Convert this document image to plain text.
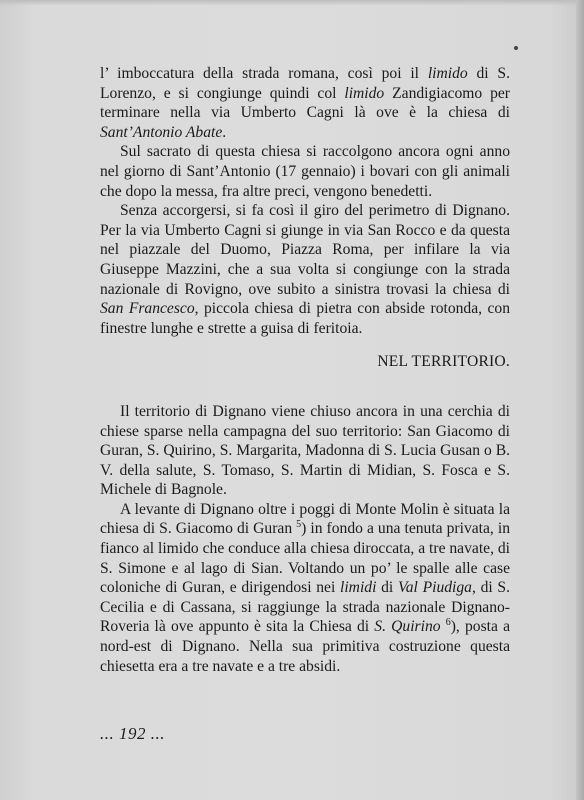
l’ imboccatura della strada romana, così poi il limido di S. Lorenzo, e si congiunge quindi col limido Zandigiacomo per terminare nella via Umberto Cagni là ove è la chiesa di Sant’Antonio Abate.

Sul sacrato di questa chiesa si raccolgono ancora ogni anno nel giorno di Sant’Antonio (17 gennaio) i bovari con gli animali che dopo la messa, fra altre preci, vengono benedetti.

Senza accorgersi, si fa così il giro del perimetro di Dignano. Per la via Umberto Cagni si giunge in via San Rocco e da questa nel piazzale del Duomo, Piazza Roma, per infilare la via Giuseppe Mazzini, che a sua volta si congiunge con la strada nazionale di Rovigno, ove subito a sinistra trovasi la chiesa di San Francesco, piccola chiesa di pietra con abside rotonda, con finestre lunghe e strette a guisa di feritoia.

NEL TERRITORIO.

Il territorio di Dignano viene chiuso ancora in una cerchia di chiese sparse nella campagna del suo territorio: San Giacomo di Guran, S. Quirino, S. Margarita, Madonna di S. Lucia Gusan o B. V. della salute, S. Tomaso, S. Martin di Midian, S. Fosca e S. Michele di Bagnole.

A levante di Dignano oltre i poggi di Monte Molin è situata la chiesa di S. Giacomo di Guran $^5$) in fondo a una tenuta privata, in fianco al limido che conduce alla chiesa diroccata, a tre navate, di S. Simone e al lago di Sian. Voltando un po’ le spalle alle case coloniche di Guran, e dirigendosi nei limidi di Val Piudiga, di S. Cecilia e di Cassana, si raggiunge la strada nazionale Dignano-Roveria là ove appunto è sita la Chiesa di S. Quirino $^6$), posta a nord-est di Dignano. Nella sua primitiva costruzione questa chiesetta era a tre navate e a tre absidi.

... 192 ...
